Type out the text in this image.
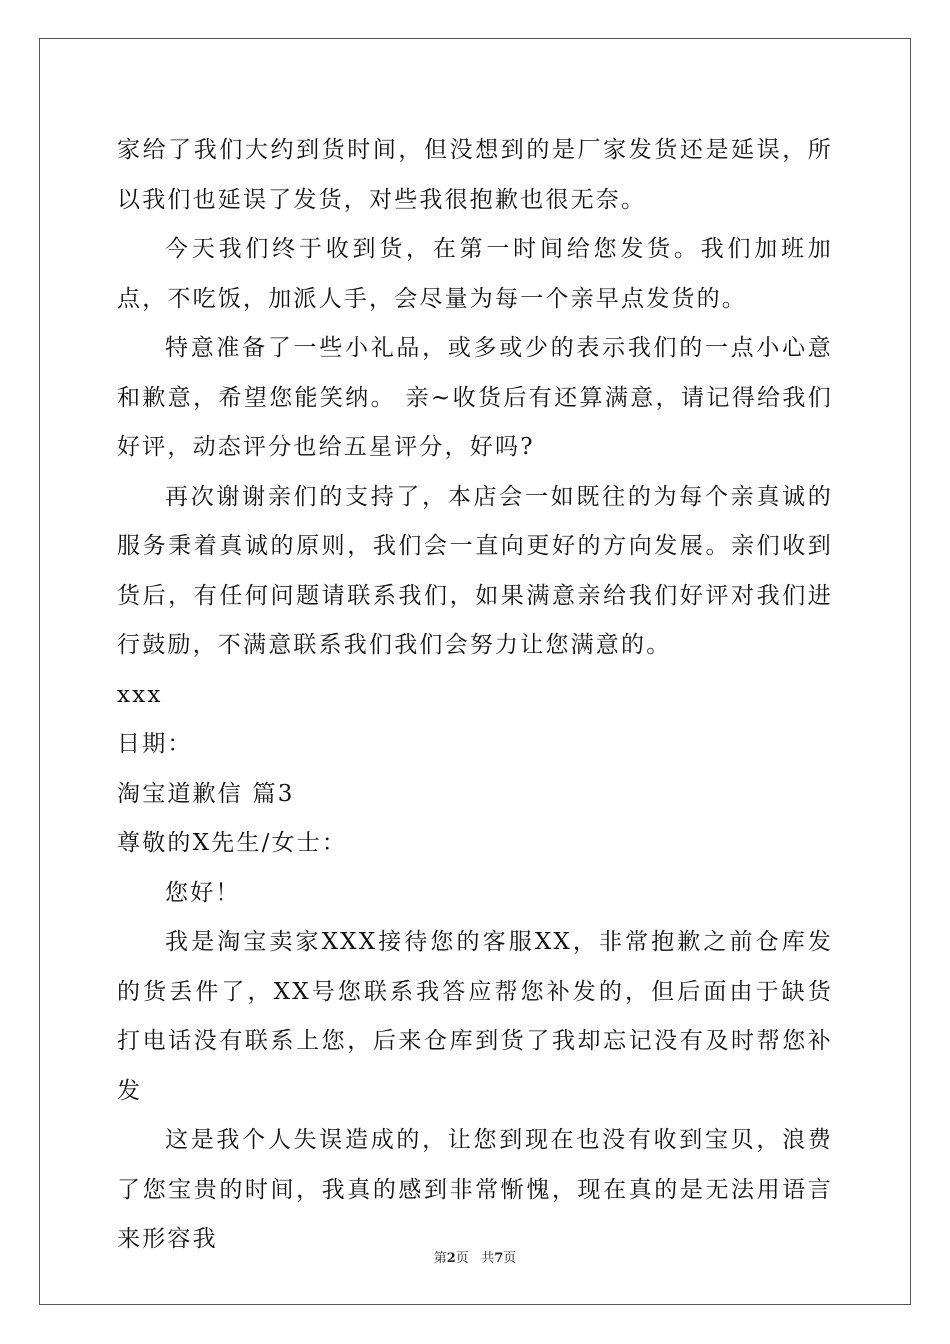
家给了我们大约到货时间，但没想到的是厂家发货还是延误，所以我们也延误了发货，对些我很抱歉也很无奈。

今天我们终于收到货，在第一时间给您发货。我们加班加点，不吃饭，加派人手，会尽量为每一个亲早点发货的。

特意准备了一些小礼品，或多或少的表示我们的一点小心意和歉意，希望您能笑纳。 亲~收货后有还算满意，请记得给我们好评，动态评分也给五星评分，好吗?

再次谢谢亲们的支持了，本店会一如既往的为每个亲真诚的服务秉着真诚的原则，我们会一直向更好的方向发展。亲们收到货后，有任何问题请联系我们，如果满意亲给我们好评对我们进行鼓励，不满意联系我们我们会努力让您满意的。

xxx

日期：

淘宝道歉信 篇3

尊敬的X先生/女士：

您好！

我是淘宝卖家XXX接待您的客服XX，非常抱歉之前仓库发的货丢件了，XX号您联系我答应帮您补发的，但后面由于缺货打电话没有联系上您，后来仓库到货了我却忘记没有及时帮您补发

这是我个人失误造成的，让您到现在也没有收到宝贝，浪费了您宝贵的时间，我真的感到非常惭愧，现在真的是无法用语言来形容我

第2页 共7页
